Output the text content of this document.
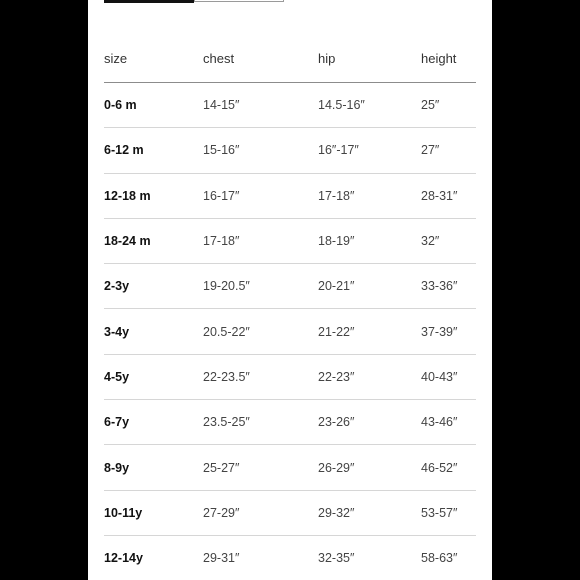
size	chest	hip	height
0-6 m	14-15″	14.5-16″	25″
6-12 m	15-16″	16″-17″	27″
12-18 m	16-17″	17-18″	28-31″
18-24 m	17-18″	18-19″	32″
2-3y	19-20.5″	20-21″	33-36″
3-4y	20.5-22″	21-22″	37-39″
4-5y	22-23.5″	22-23″	40-43″
6-7y	23.5-25″	23-26″	43-46″
8-9y	25-27″	26-29″	46-52″
10-11y	27-29″	29-32″	53-57″
12-14y	29-31″	32-35″	58-63″
